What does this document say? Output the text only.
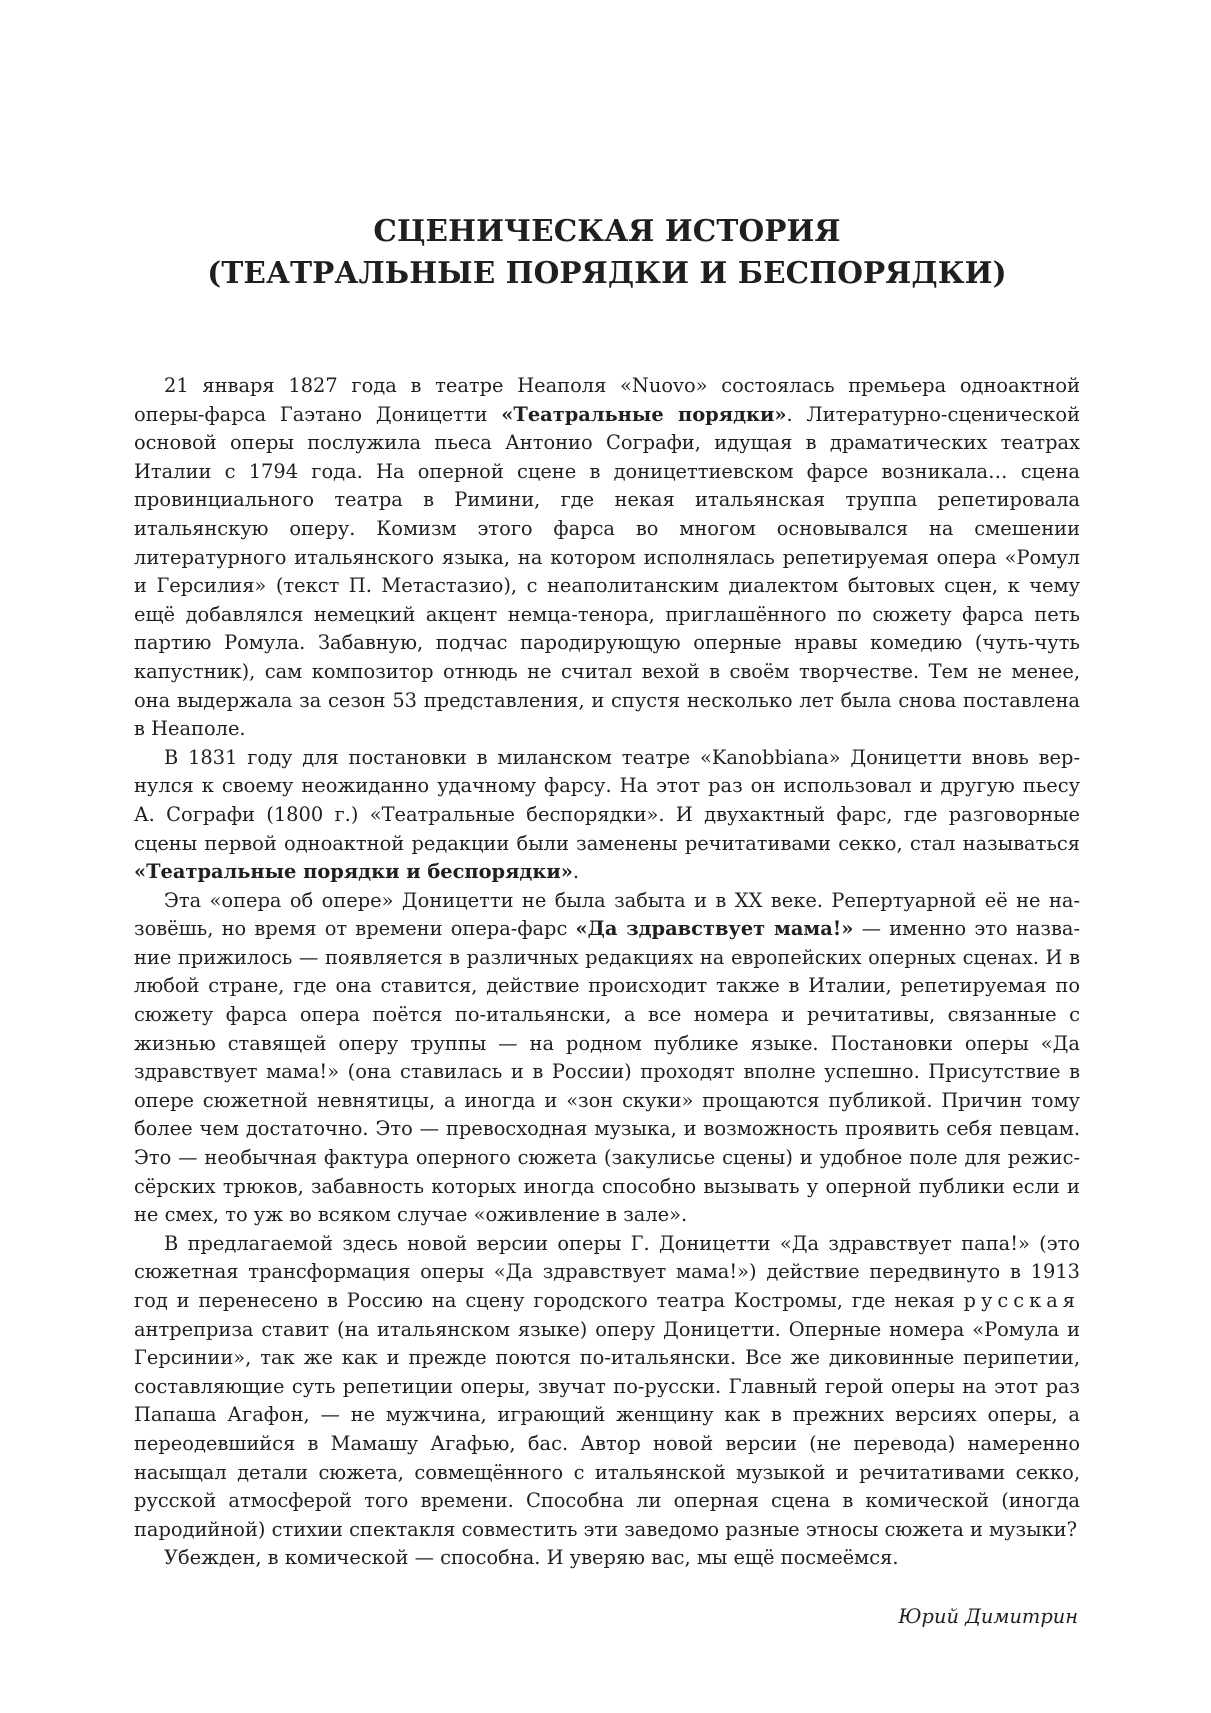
СЦЕНИЧЕСКАЯ ИСТОРИЯ
(ТЕАТРАЛЬНЫЕ ПОРЯДКИ И БЕСПОРЯДКИ)

21 января 1827 года в театре Неаполя «Nuovo» состоялась премьера одноактной оперы-фарса Гаэтано Доницетти «Театральные порядки». Литературно-сценической основой оперы послужила пьеса Антонио Сографи, идущая в драматических театрах Италии с 1794 года. На оперной сцене в доницеттиевском фарсе возникала… сцена провинциального театра в Римини, где некая итальянская труппа репетировала итальянскую оперу. Комизм этого фарса во многом основывался на смешении литературного итальянского языка, на котором исполнялась репетируемая опера «Ромул и Герсилия» (текст П. Метастазио), с неаполитанским диалектом бытовых сцен, к чему ещё добавлялся немецкий акцент немца-тенора, приглашённого по сюжету фарса петь партию Ромула. Забавную, подчас пародирующую оперные нравы комедию (чуть-чуть капустник), сам композитор отнюдь не считал вехой в своём творчестве. Тем не менее, она выдержала за сезон 53 представления, и спустя несколько лет была снова поставлена в Неаполе.

В 1831 году для постановки в миланском театре «Kanobbiana» Доницетти вновь вернулся к своему неожиданно удачному фарсу. На этот раз он использовал и другую пьесу А. Сографи (1800 г.) «Театральные беспорядки». И двухактный фарс, где разговорные сцены первой одноактной редакции были заменены речитативами секко, стал называться «Театральные порядки и беспорядки».

Эта «опера об опере» Доницетти не была забыта и в XX веке. Репертуарной её не назовёшь, но время от времени опера-фарс «Да здравствует мама!» — именно это название прижилось — появляется в различных редакциях на европейских оперных сценах. И в любой стране, где она ставится, действие происходит также в Италии, репетируемая по сюжету фарса опера поётся по-итальянски, а все номера и речитативы, связанные с жизнью ставящей оперу труппы — на родном публике языке. Постановки оперы «Да здравствует мама!» (она ставилась и в России) проходят вполне успешно. Присутствие в опере сюжетной невнятицы, а иногда и «зон скуки» прощаются публикой. Причин тому более чем достаточно. Это — превосходная музыка, и возможность проявить себя певцам. Это — необычная фактура оперного сюжета (закулисье сцены) и удобное поле для режиссёрских трюков, забавность которых иногда способно вызывать у оперной публики если и не смех, то уж во всяком случае «оживление в зале».

В предлагаемой здесь новой версии оперы Г. Доницетти «Да здравствует папа!» (это сюжетная трансформация оперы «Да здравствует мама!») действие передвинуто в 1913 год и перенесено в Россию на сцену городского театра Костромы, где некая русская антреприза ставит (на итальянском языке) оперу Доницетти. Оперные номера «Ромула и Герсинии», так же как и прежде поются по-итальянски. Все же диковинные перипетии, составляющие суть репетиции оперы, звучат по-русски. Главный герой оперы на этот раз Папаша Агафон, — не мужчина, играющий женщину как в прежних версиях оперы, а переодевшийся в Мамашу Агафью, бас. Автор новой версии (не перевода) намеренно насыщал детали сюжета, совмещённого с итальянской музыкой и речитативами секко, русской атмосферой того времени. Способна ли оперная сцена в комической (иногда пародийной) стихии спектакля совместить эти заведомо разные этносы сюжета и музыки?

Убежден, в комической — способна. И уверяю вас, мы ещё посмеёмся.

Юрий Димитрин
